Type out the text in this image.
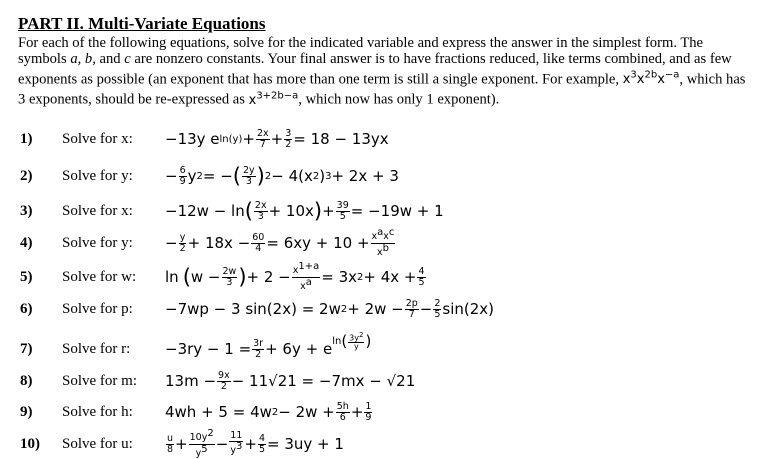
PART II. Multi-Variate Equations
For each of the following equations, solve for the indicated variable and express the answer in the simplest form. The symbols a, b, and c are nonzero constants. Your final answer is to have fractions reduced, like terms combined, and as few exponents as possible (an exponent that has more than one term is still a single exponent. For example, $x^3x^{2b}x^{-a}$, which has 3 exponents, should be re-expressed as $x^{3+2b-a}$, which now has only 1 exponent).
1) Solve for x: −13y e $\ln(y) + \frac{2x}{7} + \frac{3}{2} = 18 - 13yx$
2) Solve for y: − $\frac{6}{9}$ y 2 = − ( $\frac{2y}{3}$ ) 2 − 4(x 2 ) 3 + 2x + 3
3) Solve for x: −12w − ln ( $\frac{2x}{3} + 10x$ ) + $\frac{39}{5} = -19w + 1$
4) Solve for y: − $\frac{y}{2} + 18x - \frac{60}{4} = 6xy + 10 + \frac{x^ax^c}{x^b}$
5) Solve for w: ln ( $w - \frac{2w}{3}$ ) + $2 - \frac{x^{1+a}}{x^a} = 3x$ $2 + 4x + \frac{4}{5}$
6) Solve for p: −7wp − 3 sin(2x) = 2w $2 + 2w - \frac{2p}{7} - \frac{2}{5} \sin(2x)$
7) Solve for r: $-3ry - 1 = \frac{3r}{2} + 6y + e$ ln ( $\frac{3y^2}{y}$ )
8) Solve for m: $13m - \frac{9x}{2} - 11√21 = -7mx - √21$
9) Solve for h: 4wh + 5 = 4w $2 - 2w + \frac{5h}{6} + \frac{1}{9}$
10) Solve for u:	$\frac{u}{8} + \frac{10y^2}{y^5} - \frac{11}{y^3} + \frac{4}{5} = 3uy + 1$
